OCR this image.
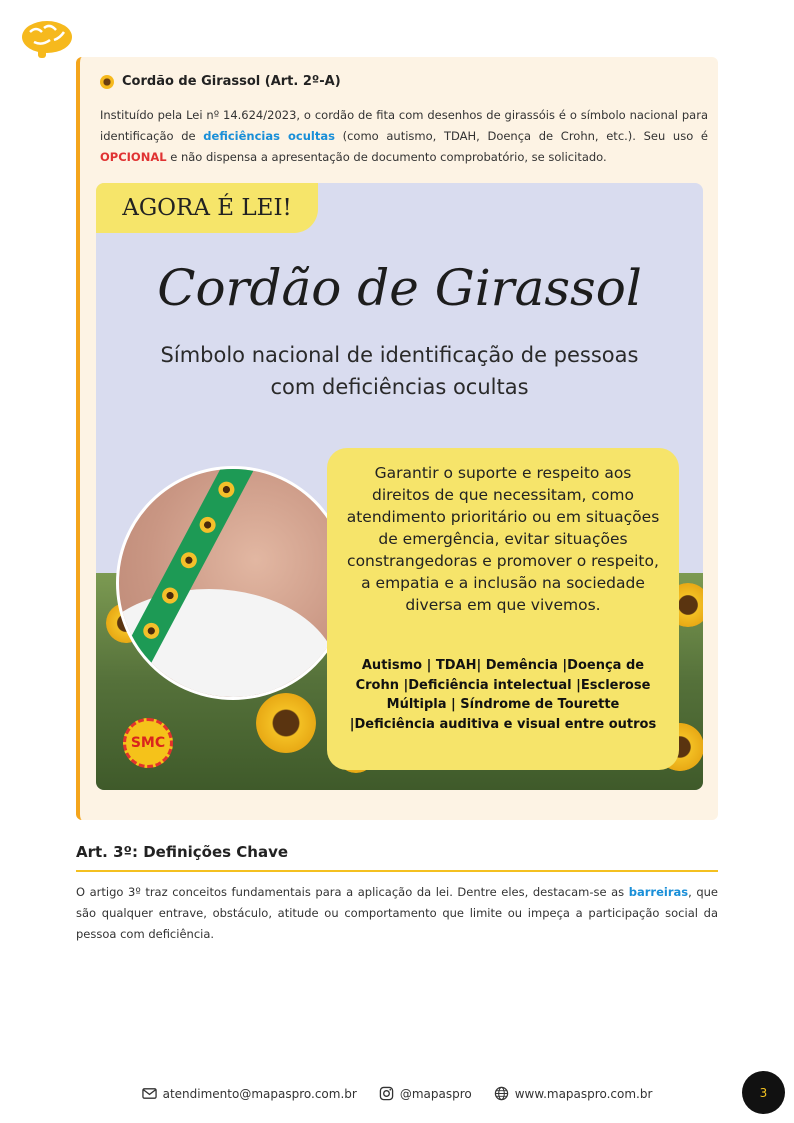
Cordão de Girassol (Art. 2º-A)
Instituído pela Lei nº 14.624/2023, o cordão de fita com desenhos de girassóis é o símbolo nacional para identificação de deficiências ocultas (como autismo, TDAH, Doença de Crohn, etc.). Seu uso é OPCIONAL e não dispensa a apresentação de documento comprobatório, se solicitado.
AGORA É LEI!
Cordão de Girassol
Símbolo nacional de identificação de pessoas com deficiências ocultas
Garantir o suporte e respeito aos direitos de que necessitam, como atendimento prioritário ou em situações de emergência, evitar situações constrangedoras e promover o respeito, a empatia e a inclusão na sociedade diversa em que vivemos.
Autismo | TDAH| Demência |Doença de Crohn |Deficiência intelectual |Esclerose Múltipla | Síndrome de Tourette |Deficiência auditiva e visual entre outros
SMC
Art. 3º: Definições Chave
O artigo 3º traz conceitos fundamentais para a aplicação da lei. Dentre eles, destacam-se as barreiras, que são qualquer entrave, obstáculo, atitude ou comportamento que limite ou impeça a participação social da pessoa com deficiência.
atendimento@mapaspro.com.br	@mapaspro	www.mapaspro.com.br	3
